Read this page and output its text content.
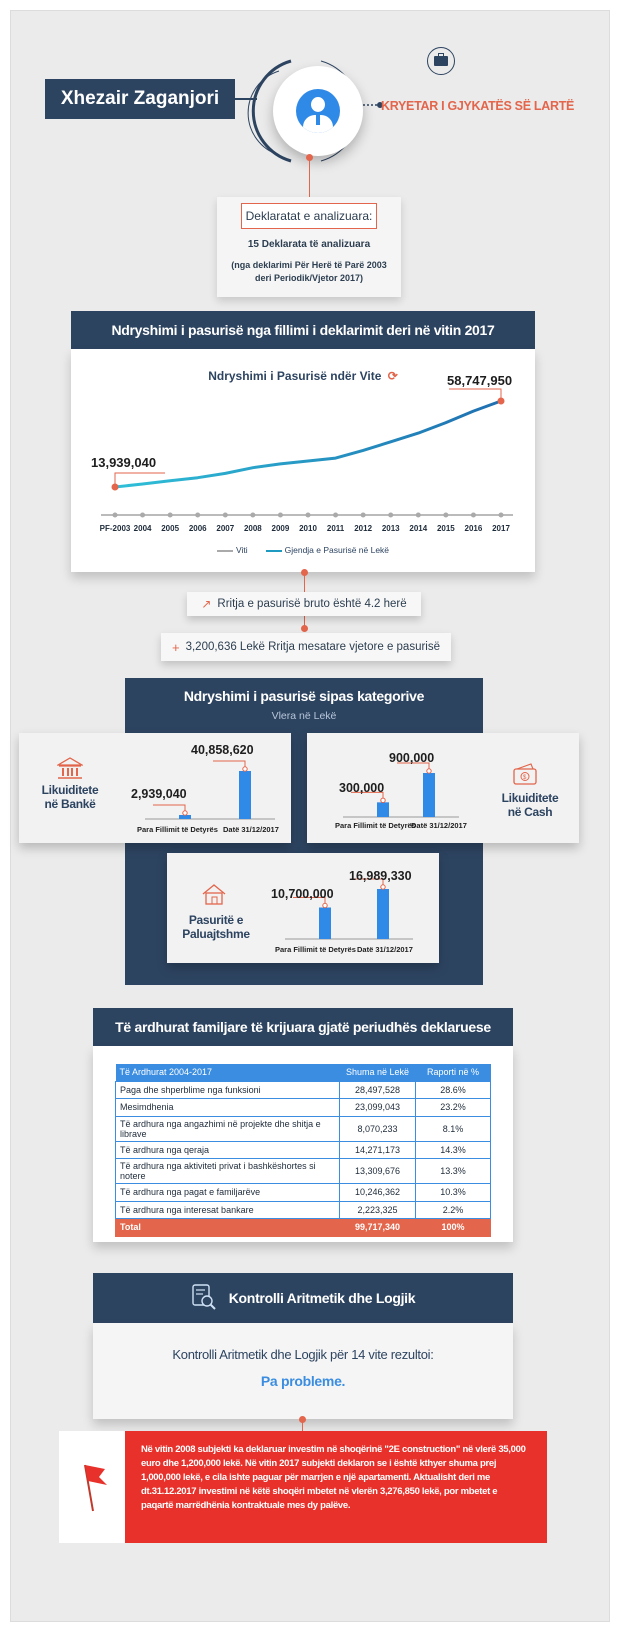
Xhezair Zaganjori	KRYETAR I GJYKATËS SË LARTË
Deklaratat e analizuara:
15 Deklarata të analizuara
(nga deklarimi Për Herë të Parë 2003 deri Periodik/Vjetor 2017)
Ndryshimi i pasurisë nga fillimi i deklarimit deri në vitin 2017
Ndryshimi i Pasurisë ndër Vite ⟳
13,939,040
58,747,950
PF-2003 2004 2005 2006 2007 2008 2009 2010 2011 2012 2013 2014 2015 2016 2017
Viti	Gjendja e Pasurisë në Lekë
↗ Rritja e pasurisë bruto është 4.2 herë
+ 3,200,636 Lekë Rritja mesatare vjetore e pasurisë
Ndryshimi i pasurisë sipas kategorive
Vlera në Lekë
Likuiditete
në Bankë
2,939,040
40,858,620
Para Fillimit të Detyrës Datë 31/12/2017
300,000
900,000
Para Fillimit të Detyrës
Datë 31/12/2017
$
Likuiditete
në Cash
Pasuritë e
Paluajtshme
10,700,000
16,989,330
Para Fillimit të Detyrës Datë 31/12/2017
Të ardhurat familjare të krijuara gjatë periudhës deklaruese
Të Ardhurat 2004-2017	Shuma në Lekë	Raporti në %
Paga dhe shperblime nga funksioni	28,497,528	28.6%
Mesimdhenia	23,099,043	23.2%
Të ardhura nga angazhimi në projekte dhe shitja e librave	8,070,233	8.1%
Të ardhura nga qeraja	14,271,173	14.3%
Të ardhura nga aktiviteti privat i bashkëshortes si notere	13,309,676	13.3%
Të ardhura nga pagat e familjarëve	10,246,362	10.3%
Të ardhura nga interesat bankare	2,223,325	2.2%
Total	99,717,340	100%
Kontrolli Aritmetik dhe Logjik
Kontrolli Aritmetik dhe Logjik për 14 vite rezultoi:
Pa probleme.
Në vitin 2008 subjekti ka deklaruar investim në shoqërinë "2E construction" në vlerë 35,000 euro dhe 1,200,000 lekë. Në vitin 2017 subjekti deklaron se i është kthyer shuma prej 1,000,000 lekë, e cila ishte paguar për marrjen e një apartamenti. Aktualisht deri me dt.31.12.2017 investimi në këtë shoqëri mbetet në vlerën 3,276,850 lekë, por mbetet e paqartë marrëdhënia kontraktuale mes dy palëve.
